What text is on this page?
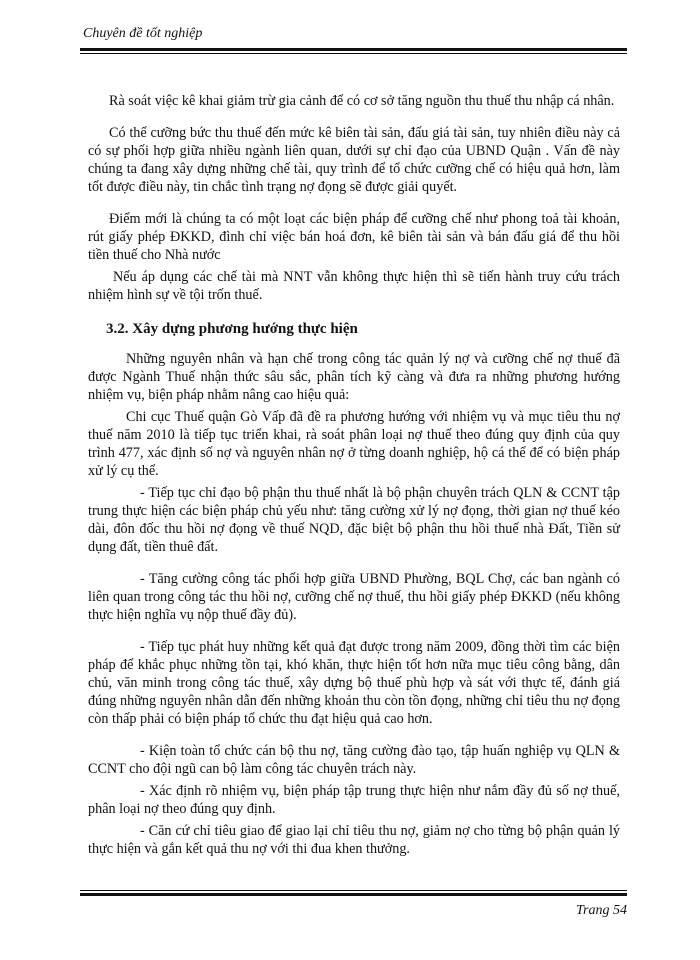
Chuyên đề tốt nghiệp

Rà soát việc kê khai giảm trừ gia cảnh để có cơ sở tăng nguồn thu thuế thu nhập cá nhân.

Có thể cưỡng bức thu thuế đến mức kê biên tài sản, đấu giá tài sản, tuy nhiên điều này cả có sự phối hợp giữa nhiều ngành liên quan, dưới sự chỉ đạo của UBND Quận . Vấn đề này chúng ta đang xây dựng những chế tài, quy trình để tổ chức cưỡng chế có hiệu quả hơn, làm tốt được điều này, tin chắc tình trạng nợ đọng sẽ được giải quyết.

Điểm mới là chúng ta có một loạt các biện pháp để cưỡng chế như phong toả tài khoản, rút giấy phép ĐKKD, đình chỉ việc bán hoá đơn, kê biên tài sản và bán đấu giá để thu hồi tiền thuế cho Nhà nước

Nếu áp dụng các chế tài mà NNT vẫn không thực hiện thì sẽ tiến hành truy cứu trách nhiệm hình sự về tội trốn thuế.

3.2. Xây dựng phương hướng thực hiện

Những nguyên nhân và hạn chế trong công tác quản lý nợ và cưỡng chế nợ thuế đã được Ngành Thuế nhận thức sâu sắc, phân tích kỹ càng và đưa ra những phương hướng nhiệm vụ, biện pháp nhằm nâng cao hiệu quả:

Chi cục Thuế quận Gò Vấp đã đề ra phương hướng với nhiệm vụ và mục tiêu thu nợ thuế năm 2010 là tiếp tục triển khai, rà soát phân loại nợ thuế theo đúng quy định của quy trình 477, xác định số nợ và nguyên nhân nợ ở từng doanh nghiệp, hộ cá thể để có biện pháp xử lý cụ thể.

- Tiếp tục chỉ đạo bộ phận thu thuế nhất là bộ phận chuyên trách QLN & CCNT tập trung thực hiện các biện pháp chủ yếu như: tăng cường xử lý nợ đọng, thời gian nợ thuế kéo dài, đôn đốc thu hồi nợ đọng về thuế NQD, đặc biệt bộ phận thu hồi thuế nhà Đất, Tiền sử dụng đất, tiền thuê đất.

- Tăng cường công tác phối hợp giữa UBND Phường, BQL Chợ, các ban ngành có liên quan trong công tác thu hồi nợ, cưỡng chế nợ thuế, thu hồi giấy phép ĐKKD (nếu không thực hiện nghĩa vụ nộp thuế đầy đủ).

- Tiếp tục phát huy những kết quả đạt được trong năm 2009, đồng thời tìm các biện pháp để khắc phục những tồn tại, khó khăn, thực hiện tốt hơn nữa mục tiêu công bằng, dân chủ, văn minh trong công tác thuế, xây dựng bộ thuế phù hợp và sát với thực tế, đánh giá đúng những nguyên nhân dẫn đến những khoản thu còn tồn đọng, những chỉ tiêu thu nợ đọng còn thấp phải có biện pháp tổ chức thu đạt hiệu quả cao hơn.

- Kiện toàn tổ chức cán bộ thu nợ, tăng cường đào tạo, tập huấn nghiệp vụ QLN & CCNT cho đội ngũ can bộ làm công tác chuyên trách này.

- Xác định rõ nhiệm vụ, biện pháp tập trung thực hiện như nắm đầy đủ số nợ thuế, phân loại nợ theo đúng quy định.

- Căn cứ chỉ tiêu giao để giao lại chỉ tiêu thu nợ, giảm nợ cho từng bộ phận quản lý thực hiện và gắn kết quả thu nợ với thi đua khen thưởng.

Trang 54
